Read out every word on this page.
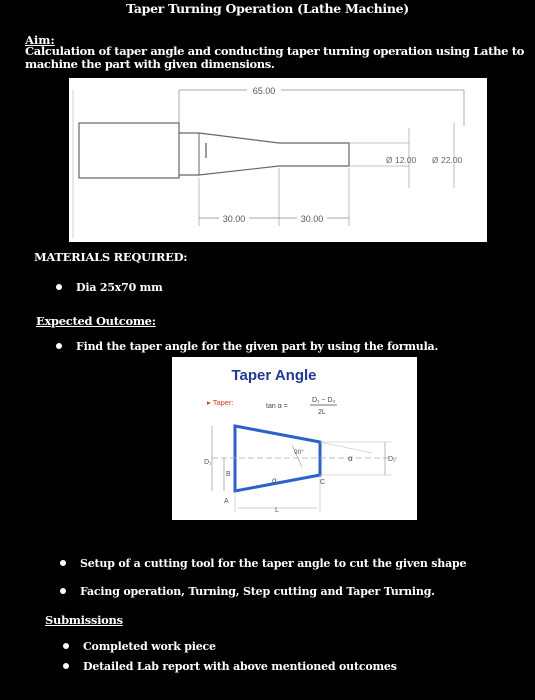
Taper Turning Operation (Lathe Machine)
Aim:
Calculation of taper angle and conducting taper turning operation using Lathe to machine the part with given dimensions.
65.00
Ø 12.00 Ø 22.00
30.00	30.00
MATERIALS REQUIRED:
Dia 25x70 mm
Expected Outcome:
Find the taper angle for the given part by using the formula.
Taper Angle
▸ Taper:	tan α =
D₁ − D₂
2L
D₁	D₂
A
B
C
L
90°
α
α
Setup of a cutting tool for the taper angle to cut the given shape
Facing operation, Turning, Step cutting and Taper Turning.
Submissions
Completed work piece
Detailed Lab report with above mentioned outcomes
